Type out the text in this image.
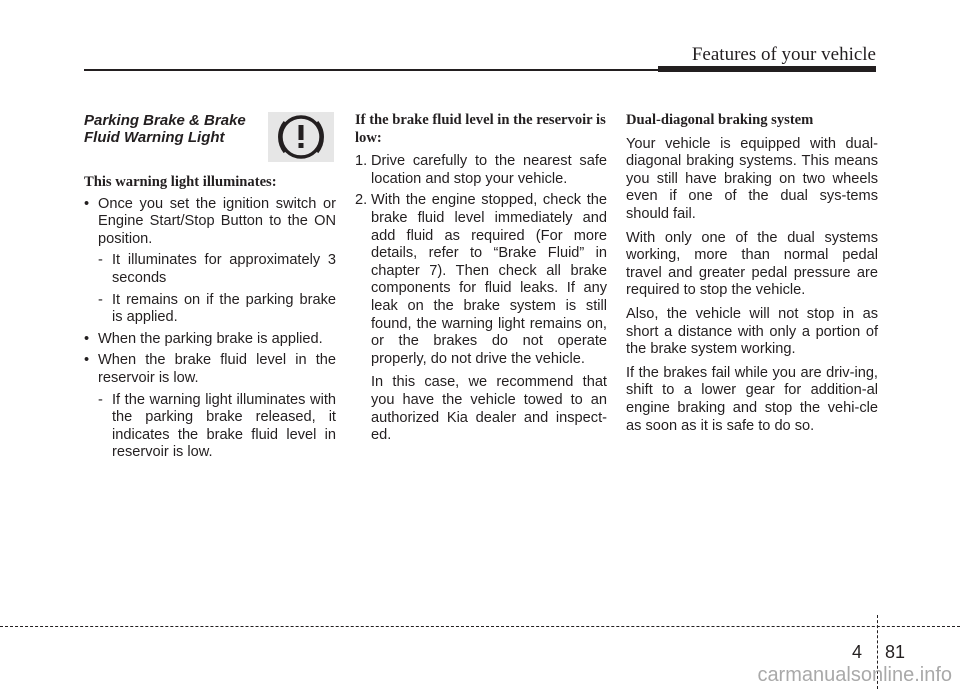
Features of your vehicle
Parking Brake & Brake Fluid Warning Light
This warning light illuminates:
• Once you set the ignition switch or Engine Start/Stop Button to the ON position.
- It illuminates for approximately 3 seconds
- It remains on if the parking brake is applied.
• When the parking brake is applied.
• When the brake fluid level in the reservoir is low.
- If the warning light illuminates with the parking brake released, it indicates the brake fluid level in reservoir is low.
If the brake fluid level in the reservoir is low:
1. Drive carefully to the nearest safe location and stop your vehicle.
2. With the engine stopped, check the brake fluid level immediately and add fluid as required (For more details, refer to “Brake Fluid” in chapter 7). Then check all brake components for fluid leaks. If any leak on the brake system is still found, the warning light remains on, or the brakes do not operate properly, do not drive the vehicle.
In this case, we recommend that you have the vehicle towed to an authorized Kia dealer and inspect-ed.
Dual-diagonal braking system

Your vehicle is equipped with dual-diagonal braking systems. This means you still have braking on two wheels even if one of the dual sys-tems should fail.

With only one of the dual systems working, more than normal pedal travel and greater pedal pressure are required to stop the vehicle.

Also, the vehicle will not stop in as short a distance with only a portion of the brake system working.

If the brakes fail while you are driv-ing, shift to a lower gear for addition-al engine braking and stop the vehi-cle as soon as it is safe to do so.

4 81
carmanualsonline.info
